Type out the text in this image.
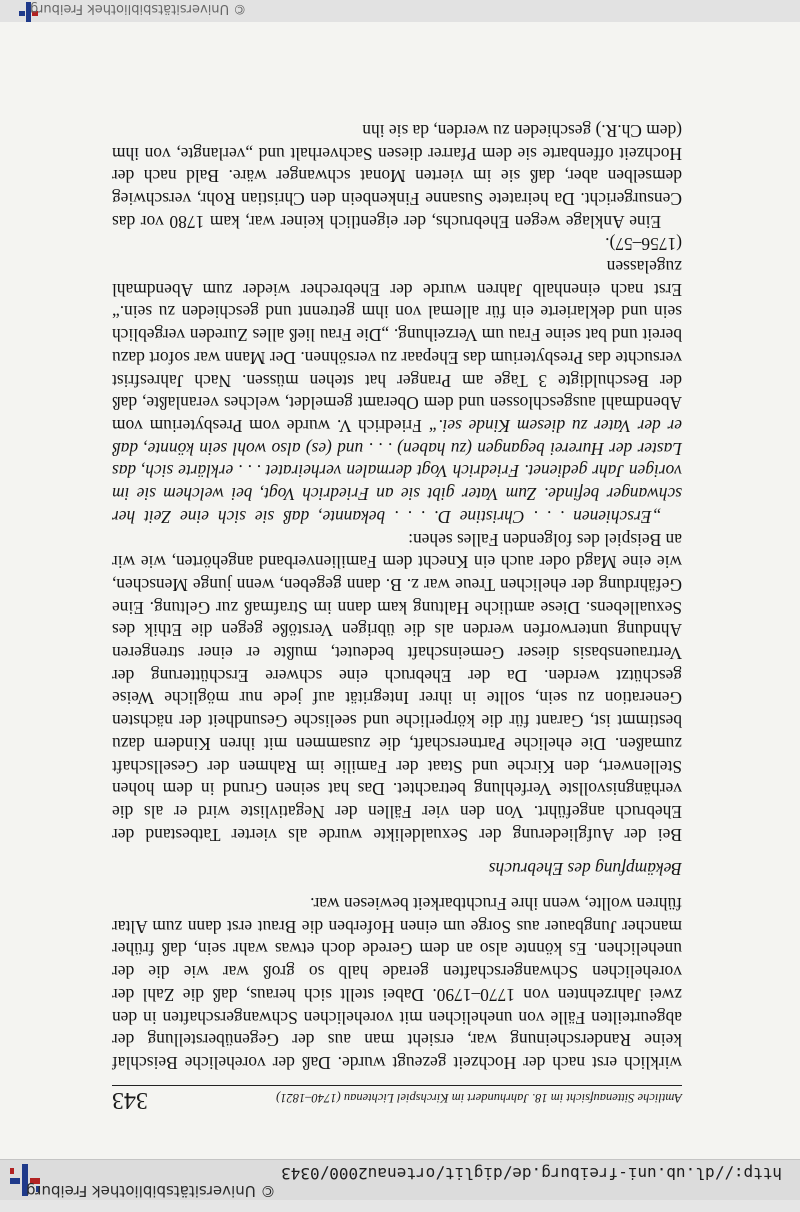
http://dl.ub.uni-freiburg.de/diglit/ortenau2000/0343
© Universitätsbibliothek Freiburg
Amtliche Sittenaufsicht im 18. Jahrhundert im Kirchspiel Lichtenau (1740–1821)
343

wirklich erst nach der Hochzeit gezeugt wurde. Daß der voreheliche Beischlaf keine Randerscheinung war, ersieht man aus der Gegenüberstellung der abgeurteilten Fälle von unehelichen mit vorehelichen Schwangerschaften in den zwei Jahrzehnten von 1770–1790. Dabei stellt sich heraus, daß die Zahl der vorehelichen Schwangerschaften gerade halb so groß war wie die der unehelichen. Es könnte also an dem Gerede doch etwas wahr sein, daß früher mancher Jungbauer aus Sorge um einen Hoferben die Braut erst dann zum Altar führen wollte, wenn ihre Fruchtbarkeit bewiesen war.

Bekämpfung des Ehebruchs

Bei der Aufgliederung der Sexualdelikte wurde als vierter Tatbestand der Ehebruch angeführt. Von den vier Fällen der Negativliste wird er als die verhängnisvollste Verfehlung betrachtet. Das hat seinen Grund in dem hohen Stellenwert, den Kirche und Staat der Familie im Rahmen der Gesellschaft zumaßen. Die eheliche Partnerschaft, die zusammen mit ihren Kindern dazu bestimmt ist, Garant für die körperliche und seelische Gesundheit der nächsten Generation zu sein, sollte in ihrer Integrität auf jede nur mögliche Weise geschützt werden. Da der Ehebruch eine schwere Erschütterung der Vertrauensbasis dieser Gemeinschaft bedeutet, mußte er einer strengeren Ahndung unterworfen werden als die übrigen Verstöße gegen die Ethik des Sexuallebens. Diese amtliche Haltung kam dann im Strafmaß zur Geltung. Eine Gefährdung der ehelichen Treue war z. B. dann gegeben, wenn junge Menschen, wie eine Magd oder auch ein Knecht dem Familienverband angehörten, wie wir an Beispiel des folgenden Falles sehen:

„Erschienen . . . Christine D. . . . bekannte, daß sie sich eine Zeit her schwanger befinde. Zum Vater gibt sie an Friedrich Vogt, bei welchem sie im vorigen Jahr gedienet. Friedrich Vogt dermalen verheiratet . . . erklärte sich, das Laster der Hurerei begangen (zu haben) . . . und (es) also wohl sein könnte, daß er der Vater zu diesem Kinde sei.“ Friedrich V. wurde vom Presbyterium vom Abendmahl ausgeschlossen und dem Oberamt gemeldet, welches veranlaßte, daß der Beschuldigte 3 Tage am Pranger hat stehen müssen. Nach Jahresfrist versuchte das Presbyterium das Ehepaar zu versöhnen. Der Mann war sofort dazu bereit und bat seine Frau um Verzeihung. „Die Frau ließ alles Zureden vergeblich sein und deklarierte ein für allemal von ihm getrennt und geschieden zu sein.“ Erst nach einenhalb Jahren wurde der Ehebrecher wieder zum Abendmahl zugelassen

(1756–57).

Eine Anklage wegen Ehebruchs, der eigentlich keiner war, kam 1780 vor das Censurgericht. Da heiratete Susanne Finkenbein den Christian Rohr, verschwieg demselben aber, daß sie im vierten Monat schwanger wäre. Bald nach der Hochzeit offenbarte sie dem Pfarrer diesen Sachverhalt und „verlangte, von ihm (dem Ch.R.) geschieden zu werden, da sie ihn

© Universitätsbibliothek Freiburg
